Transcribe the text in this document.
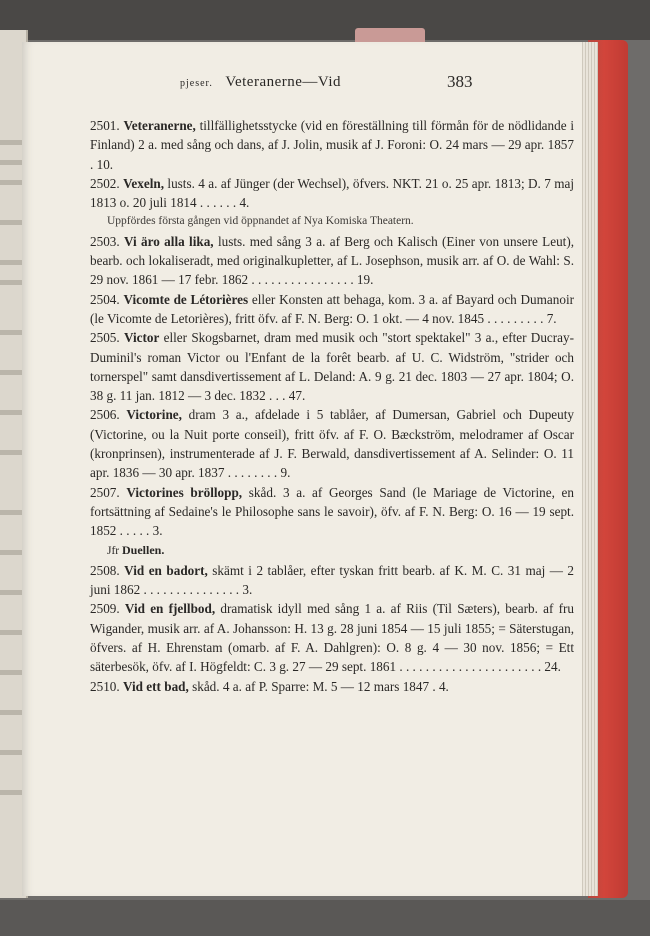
pjeser. Veteranerne—Vid	383

2501. Veteranerne, tillfällighetsstycke (vid en föreställning till förmån för de nödlidande i Finland) 2 a. med sång och dans, af J. Jolin, musik af J. Foroni: O. 24 mars — 29 apr. 1857 . 10.

2502. Vexeln, lusts. 4 a. af Jünger (der Wechsel), öfvers. NKT. 21 o. 25 apr. 1813; D. 7 maj 1813 o. 20 juli 1814 . . . . . . 4.

Uppfördes första gången vid öppnandet af Nya Komiska Theatern.

2503. Vi äro alla lika, lusts. med sång 3 a. af Berg och Kalisch (Einer von unsere Leut), bearb. och lokaliseradt, med originalkupletter, af L. Josephson, musik arr. af O. de Wahl: S. 29 nov. 1861 — 17 febr. 1862 . . . . . . . . . . . . . . . . 19.

2504. Vicomte de Létorières eller Konsten att behaga, kom. 3 a. af Bayard och Dumanoir (le Vicomte de Letorières), fritt öfv. af F. N. Berg: O. 1 okt. — 4 nov. 1845 . . . . . . . . . 7.

2505. Victor eller Skogsbarnet, dram med musik och "stort spektakel" 3 a., efter Ducray-Duminil's roman Victor ou l'Enfant de la forêt bearb. af U. C. Widström, "strider och tornerspel" samt dansdivertissement af L. Deland: A. 9 g. 21 dec. 1803 — 27 apr. 1804; O. 38 g. 11 jan. 1812 — 3 dec. 1832 . . . 47.

2506. Victorine, dram 3 a., afdelade i 5 tablåer, af Dumersan, Gabriel och Dupeuty (Victorine, ou la Nuit porte conseil), fritt öfv. af F. O. Bæckström, melodramer af Oscar (kronprinsen), instrumenterade af J. F. Berwald, dansdivertissement af A. Selinder: O. 11 apr. 1836 — 30 apr. 1837 . . . . . . . . 9.

2507. Victorines bröllopp, skåd. 3 a. af Georges Sand (le Mariage de Victorine, en fortsättning af Sedaine's le Philosophe sans le savoir), öfv. af F. N. Berg: O. 16 — 19 sept. 1852 . . . . . 3.

Jfr Duellen.

2508. Vid en badort, skämt i 2 tablåer, efter tyskan fritt bearb. af K. M. C. 31 maj — 2 juni 1862 . . . . . . . . . . . . . . . 3.

2509. Vid en fjellbod, dramatisk idyll med sång 1 a. af Riis (Til Sæters), bearb. af fru Wigander, musik arr. af A. Johansson: H. 13 g. 28 juni 1854 — 15 juli 1855; = Säterstugan, öfvers. af H. Ehrenstam (omarb. af F. A. Dahlgren): O. 8 g. 4 — 30 nov. 1856; = Ett säterbesök, öfv. af I. Högfeldt: C. 3 g. 27 — 29 sept. 1861 . . . . . . . . . . . . . . . . . . . . . . 24.

2510. Vid ett bad, skåd. 4 a. af P. Sparre: M. 5 — 12 mars 1847 . 4.
